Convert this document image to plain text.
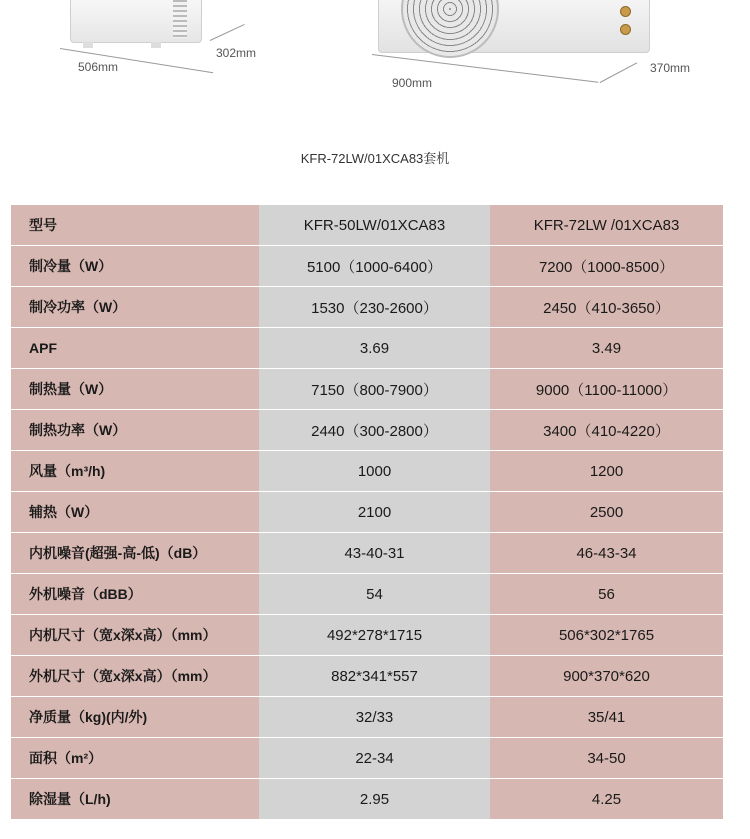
506mm
302mm
900mm
370mm
KFR-72LW/01XCA83套机
型号	KFR-50LW/01XCA83	KFR-72LW /01XCA83
制冷量（W）	5100（1000-6400）	7200（1000-8500）
制冷功率（W）	1530（230-2600）	2450（410-3650）
APF	3.69	3.49
制热量（W）	7150（800-7900）	9000（1100-11000）
制热功率（W）	2440（300-2800）	3400（410-4220）
风量（m³/h)	1000	1200
辅热（W）	2100	2500
内机噪音(超强-高-低)（dB）	43-40-31	46-43-34
外机噪音（dBB）	54	56
内机尺寸（宽x深x高）（mm）	492*278*1715	506*302*1765
外机尺寸（宽x深x高）（mm）	882*341*557	900*370*620
净质量（kg)(内/外)	32/33	35/41
面积（m²）	22-34	34-50
除湿量（L/h)	2.95	4.25
